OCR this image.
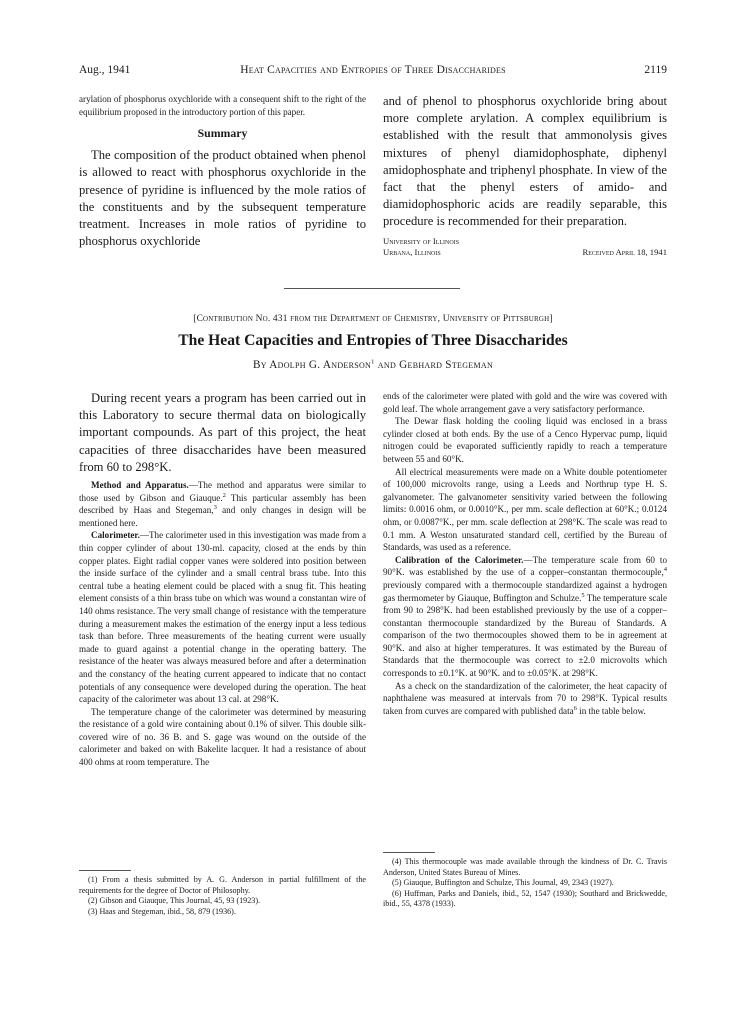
Aug., 1941	Heat Capacities and Entropies of Three Disaccharides	2119

arylation of phosphorus oxychloride with a consequent shift to the right of the equilibrium proposed in the introductory portion of this paper.

Summary

The composition of the product obtained when phenol is allowed to react with phosphorus oxychloride in the presence of pyridine is influenced by the mole ratios of the constituents and by the subsequent temperature treatment. Increases in mole ratios of pyridine to phosphorus oxychloride

and of phenol to phosphorus oxychloride bring about more complete arylation. A complex equilibrium is established with the result that ammonolysis gives mixtures of phenyl diamidophosphate, diphenyl amidophosphate and triphenyl phosphate. In view of the fact that the phenyl esters of amido- and diamidophosphoric acids are readily separable, this procedure is recommended for their preparation.

University of Illinois
Urbana, Illinois	Received April 18, 1941
[Contribution No. 431 from the Department of Chemistry, University of Pittsburgh]
The Heat Capacities and Entropies of Three Disaccharides
By Adolph G. Anderson$^1$ and Gebhard Stegeman

During recent years a program has been carried out in this Laboratory to secure thermal data on biologically important compounds. As part of this project, the heat capacities of three disaccharides have been measured from 60 to 298°K.

Method and Apparatus.—The method and apparatus were similar to those used by Gibson and Giauque.$^2$ This particular assembly has been described by Haas and Stegeman,$^3$ and only changes in design will be mentioned here.

Calorimeter.—The calorimeter used in this investigation was made from a thin copper cylinder of about 130-ml. capacity, closed at the ends by thin copper plates. Eight radial copper vanes were soldered into position between the inside surface of the cylinder and a small central brass tube. Into this central tube a heating element could be placed with a snug fit. This heating element consists of a thin brass tube on which was wound a constantan wire of 140 ohms resistance. The very small change of resistance with the temperature during a measurement makes the estimation of the energy input a less tedious task than before. Three measurements of the heating current were usually made to guard against a potential change in the operating battery. The resistance of the heater was always measured before and after a determination and the constancy of the heating current appeared to indicate that no contact potentials of any consequence were developed during the operation. The heat capacity of the calorimeter was about 13 cal. at 298°K.

The temperature change of the calorimeter was determined by measuring the resistance of a gold wire containing about 0.1% of silver. This double silk-covered wire of no. 36 B. and S. gage was wound on the outside of the calorimeter and baked on with Bakelite lacquer. It had a resistance of about 400 ohms at room temperature. The

ends of the calorimeter were plated with gold and the wire was covered with gold leaf. The whole arrangement gave a very satisfactory performance.

The Dewar flask holding the cooling liquid was enclosed in a brass cylinder closed at both ends. By the use of a Cenco Hypervac pump, liquid nitrogen could be evaporated sufficiently rapidly to reach a temperature between 55 and 60°K.

All electrical measurements were made on a White double potentiometer of 100,000 microvolts range, using a Leeds and Northrup type H. S. galvanometer. The galvanometer sensitivity varied between the following limits: 0.0016 ohm, or 0.0010°K., per mm. scale deflection at 60°K.; 0.0124 ohm, or 0.0087°K., per mm. scale deflection at 298°K. The scale was read to 0.1 mm. A Weston unsaturated standard cell, certified by the Bureau of Standards, was used as a reference.

Calibration of the Calorimeter.—The temperature scale from 60 to 90°K. was established by the use of a copper–constantan thermocouple,$^4$ previously compared with a thermocouple standardized against a hydrogen gas thermometer by Giauque, Buffington and Schulze.$^5$ The temperature scale from 90 to 298°K. had been established previously by the use of a copper–constantan thermocouple standardized by the Bureau of Standards. A comparison of the two thermocouples showed them to be in agreement at 90°K. and also at higher temperatures. It was estimated by the Bureau of Standards that the thermocouple was correct to ±2.0 microvolts which corresponds to ±0.1°K. at 90°K. and to ±0.05°K. at 298°K.

As a check on the standardization of the calorimeter, the heat capacity of naphthalene was measured at intervals from 70 to 298°K. Typical results taken from curves are compared with published data$^6$ in the table below.

(1) From a thesis submitted by A. G. Anderson in partial fulfillment of the requirements for the degree of Doctor of Philosophy.

(2) Gibson and Giauque, This Journal, 45, 93 (1923).

(3) Haas and Stegeman, ibid., 58, 879 (1936).

(4) This thermocouple was made available through the kindness of Dr. C. Travis Anderson, United States Bureau of Mines.

(5) Giauque, Buffington and Schulze, This Journal, 49, 2343 (1927).

(6) Huffman, Parks and Daniels, ibid., 52, 1547 (1930); Southard and Brickwedde, ibid., 55, 4378 (1933).
